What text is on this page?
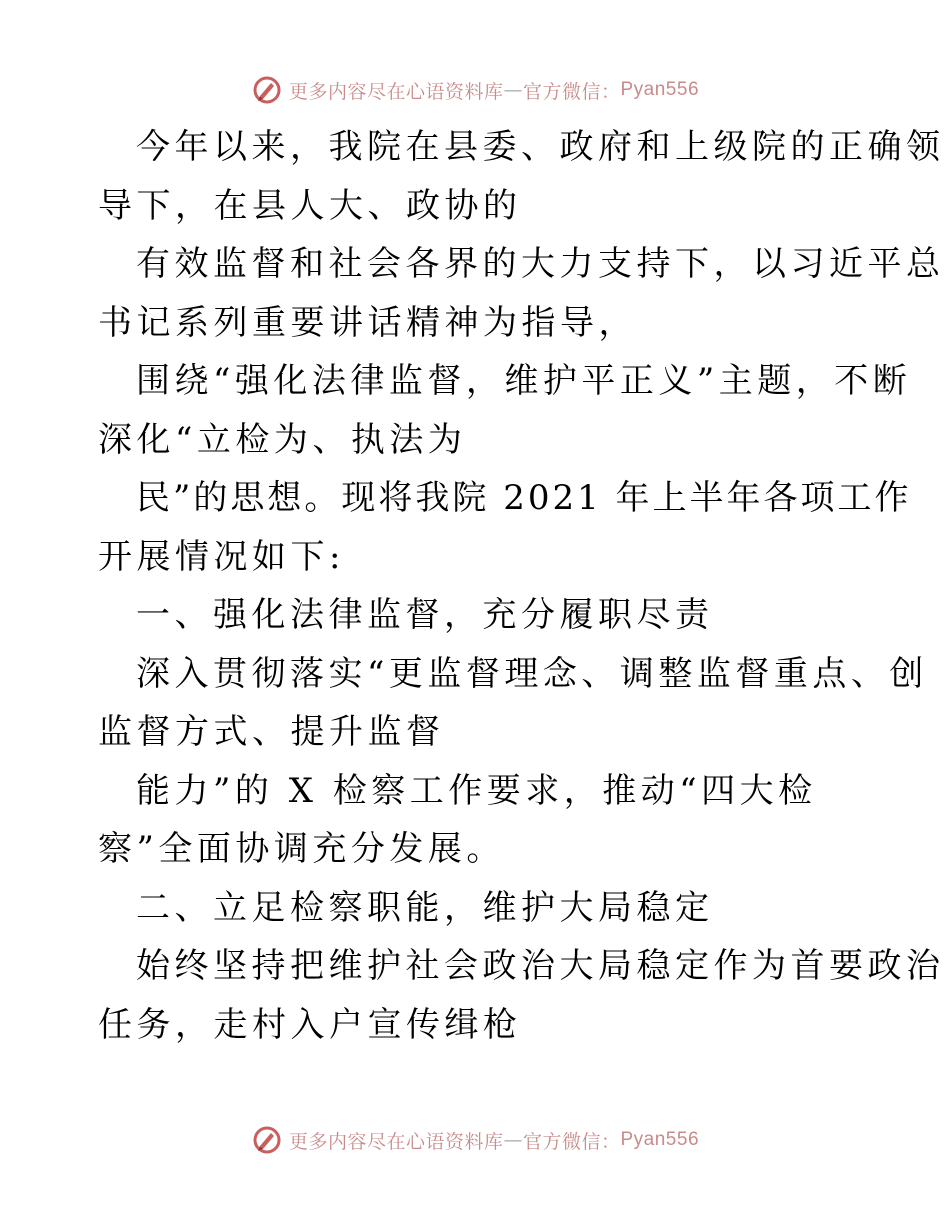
更多内容尽在心语资料库 — 官方微信： Pyan556
今年以来，我院在县委、政府和上级院的正确领
导下，在县人大、政协的
有效监督和社会各界的大力支持下，以习近平总
书记系列重要讲话精神为指导，
围绕“强化法律监督，维护平正义”主题，不断
深化“立检为、执法为
民”的思想。现将我院 2021 年上半年各项工作
开展情况如下:
一、强化法律监督，充分履职尽责
深入贯彻落实“更监督理念、调整监督重点、创
监督方式、提升监督
能力”的 X 检察工作要求，推动“四大检
察”全面协调充分发展。
二、立足检察职能，维护大局稳定
始终坚持把维护社会政治大局稳定作为首要政治
任务，走村入户宣传缉枪
更多内容尽在心语资料库 — 官方微信： Pyan556
